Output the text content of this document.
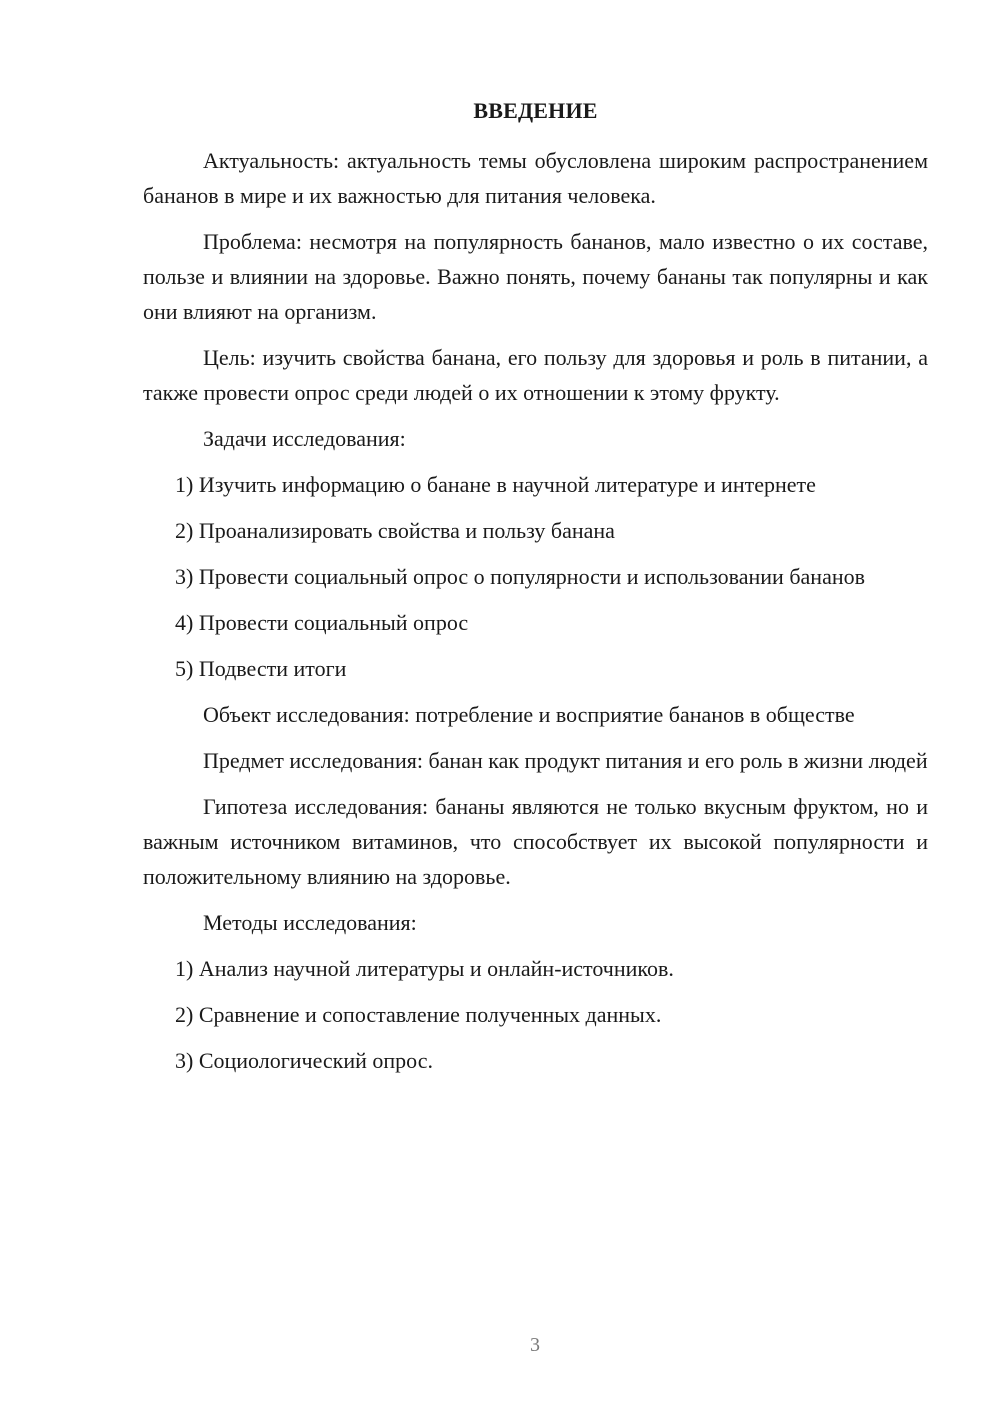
ВВЕДЕНИЕ

Актуальность: актуальность темы обусловлена широким распространением бананов в мире и их важностью для питания человека.

Проблема: несмотря на популярность бананов, мало известно о их составе, пользе и влиянии на здоровье. Важно понять, почему бананы так популярны и как они влияют на организм.

Цель: изучить свойства банана, его пользу для здоровья и роль в питании, а также провести опрос среди людей о их отношении к этому фрукту.

Задачи исследования:

1) Изучить информацию о банане в научной литературе и интернете

2) Проанализировать свойства и пользу банана

3) Провести социальный опрос о популярности и использовании бананов

4) Провести социальный опрос

5) Подвести итоги

Объект исследования: потребление и восприятие бананов в обществе

Предмет исследования: банан как продукт питания и его роль в жизни людей

Гипотеза исследования: бананы являются не только вкусным фруктом, но и важным источником витаминов, что способствует их высокой популярности и положительному влиянию на здоровье.

Методы исследования:

1) Анализ научной литературы и онлайн-источников.

2) Сравнение и сопоставление полученных данных.

3) Социологический опрос.

3
